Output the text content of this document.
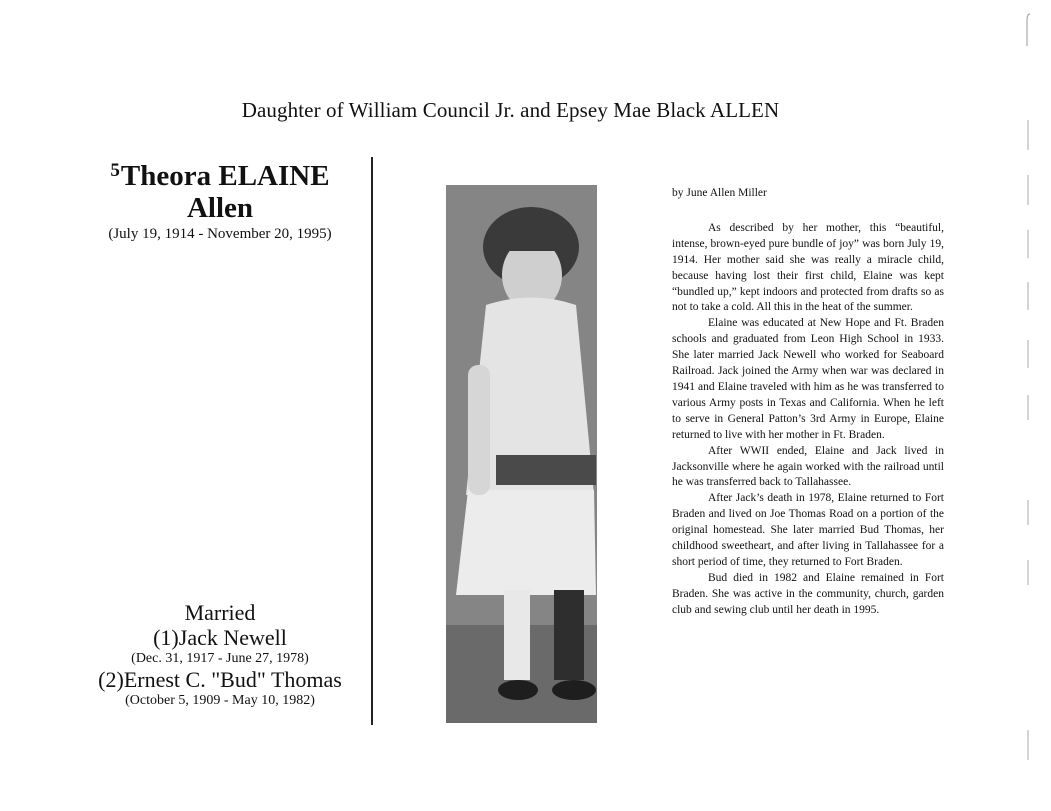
Daughter of William Council Jr. and Epsey Mae Black ALLEN
$^5$Theora ELAINE
Allen
(July 19, 1914 - November 20, 1995)
Married
(1)Jack Newell
(Dec. 31, 1917 - June 27, 1978)
(2)Ernest C. "Bud" Thomas
(October 5, 1909 - May 10, 1982)
by June Allen Miller

As described by her mother, this “beautiful, intense, brown-eyed pure bundle of joy” was born July 19, 1914. Her mother said she was really a miracle child, because having lost their first child, Elaine was kept “bundled up,” kept indoors and protected from drafts so as not to take a cold. All this in the heat of the summer.

Elaine was educated at New Hope and Ft. Braden schools and graduated from Leon High School in 1933. She later married Jack Newell who worked for Seaboard Railroad. Jack joined the Army when war was declared in 1941 and Elaine traveled with him as he was transferred to various Army posts in Texas and California. When he left to serve in General Patton’s 3rd Army in Europe, Elaine returned to live with her mother in Ft. Braden.

After WWII ended, Elaine and Jack lived in Jacksonville where he again worked with the railroad until he was transferred back to Tallahassee.

After Jack’s death in 1978, Elaine returned to Fort Braden and lived on Joe Thomas Road on a portion of the original homestead. She later married Bud Thomas, her childhood sweetheart, and after living in Tallahassee for a short period of time, they returned to Fort Braden.

Bud died in 1982 and Elaine remained in Fort Braden. She was active in the community, church, garden club and sewing club until her death in 1995.
